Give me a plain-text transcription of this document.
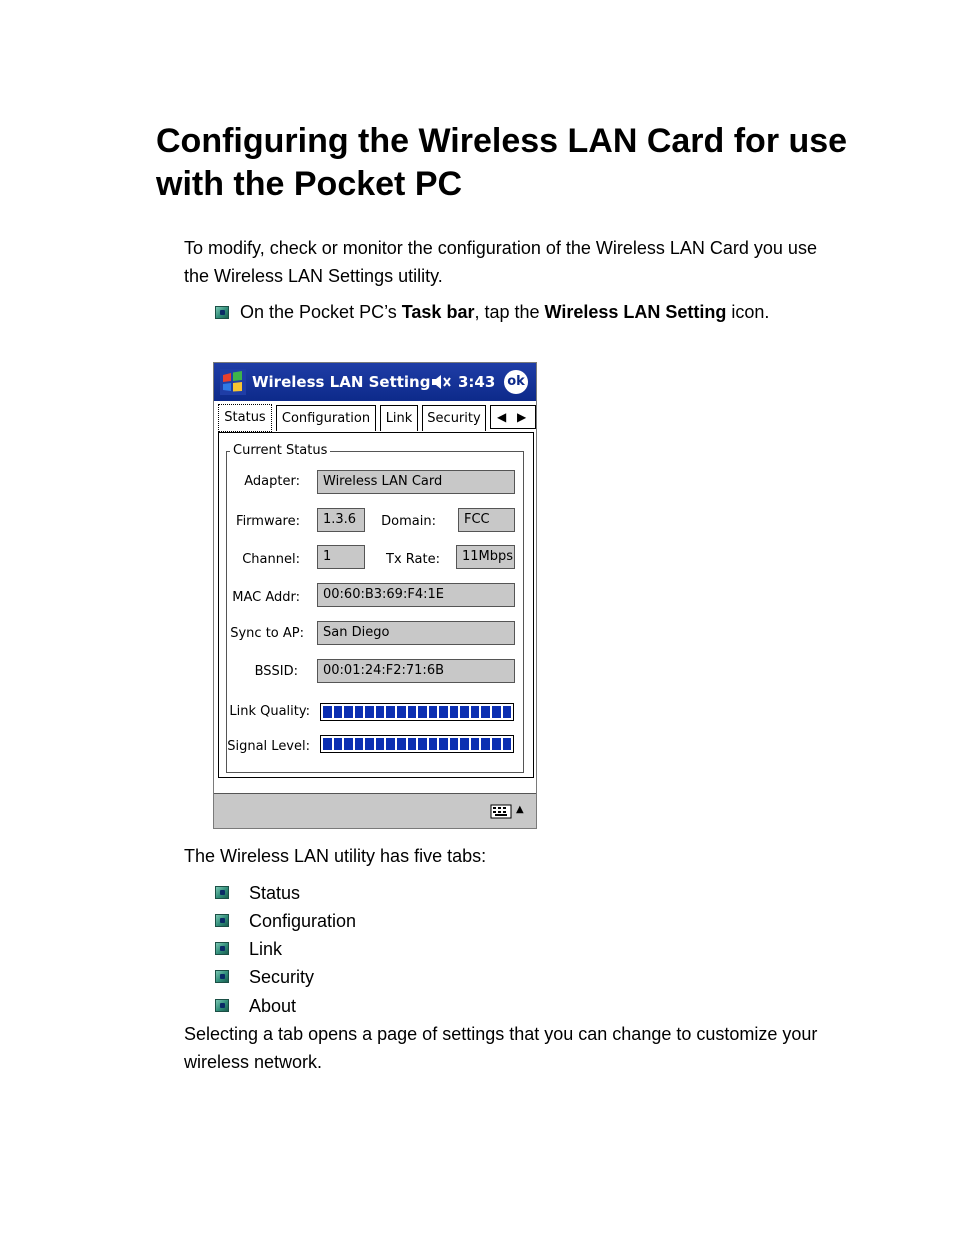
Configuring the Wireless LAN Card for use with the Pocket PC

To modify, check or monitor the configuration of the Wireless LAN Card you use the Wireless LAN Settings utility.

On the Pocket PC’s Task bar, tap the Wireless LAN Setting icon.

Wireless LAN Setting 3:43 ok
Status	Configuration	Link	Security	◀ ▶
Current Status
Adapter:	Wireless LAN Card
Firmware:	1.3.6	Domain:	FCC
Channel:	1	Tx Rate:	11Mbps
MAC Addr:	00:60:B3:69:F4:1E
Sync to AP:	San Diego
BSSID:	00:01:24:F2:71:6B
Link Quality:
Signal Level:
▲

The Wireless LAN utility has five tabs:

Status
Configuration
Link
Security
About

Selecting a tab opens a page of settings that you can change to customize your wireless network.
